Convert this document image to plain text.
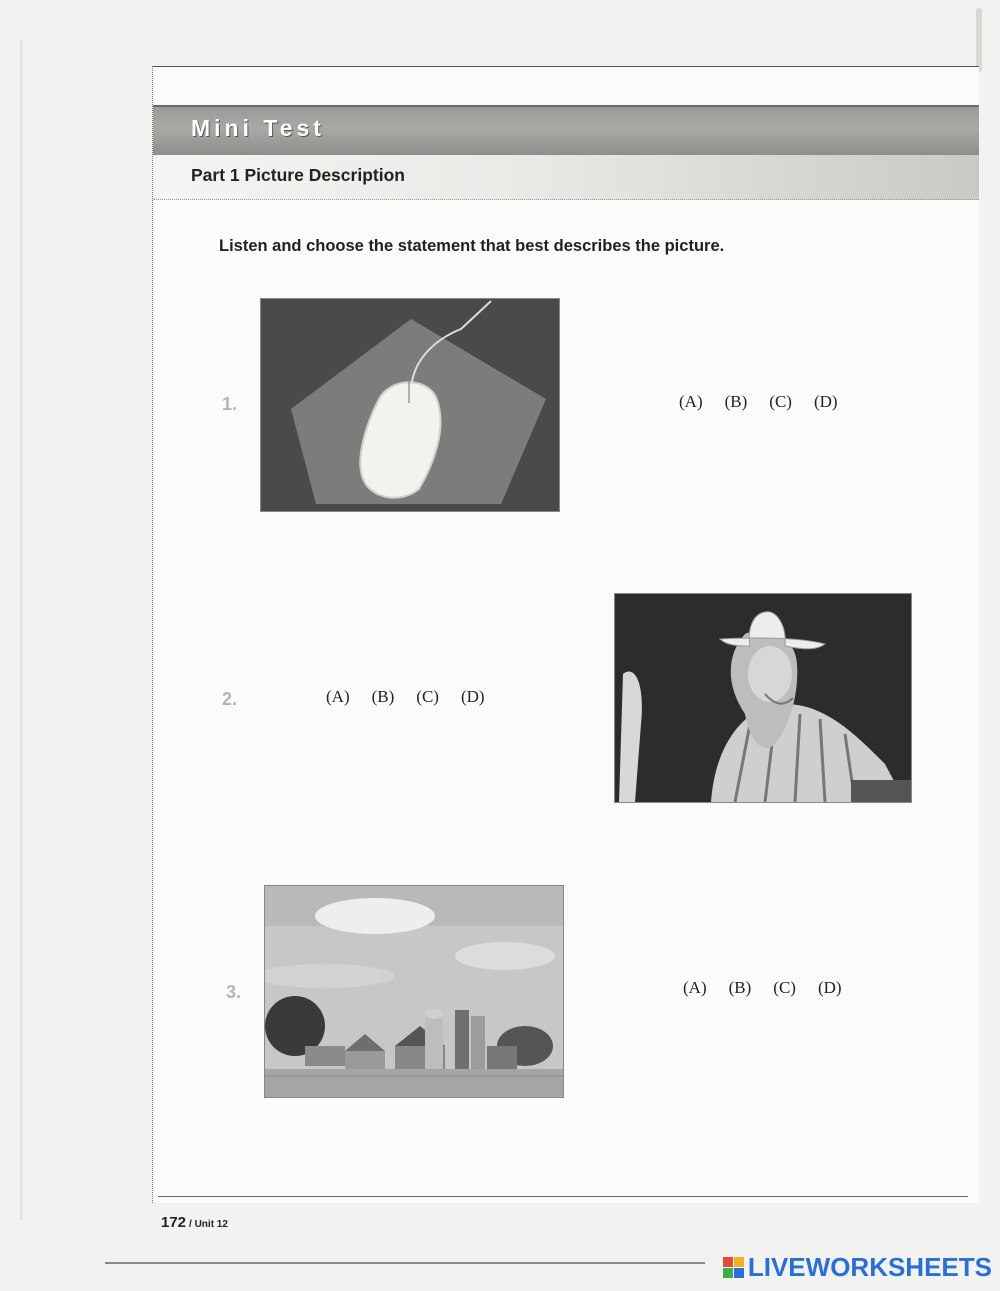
Mini Test
Part 1 Picture Description
Listen and choose the statement that best describes the picture.
1.	(A) (B) (C) (D)
2.	(A) (B) (C) (D)
3.	(A) (B) (C) (D)
172 / Unit 12
LIVEWORKSHEETS
